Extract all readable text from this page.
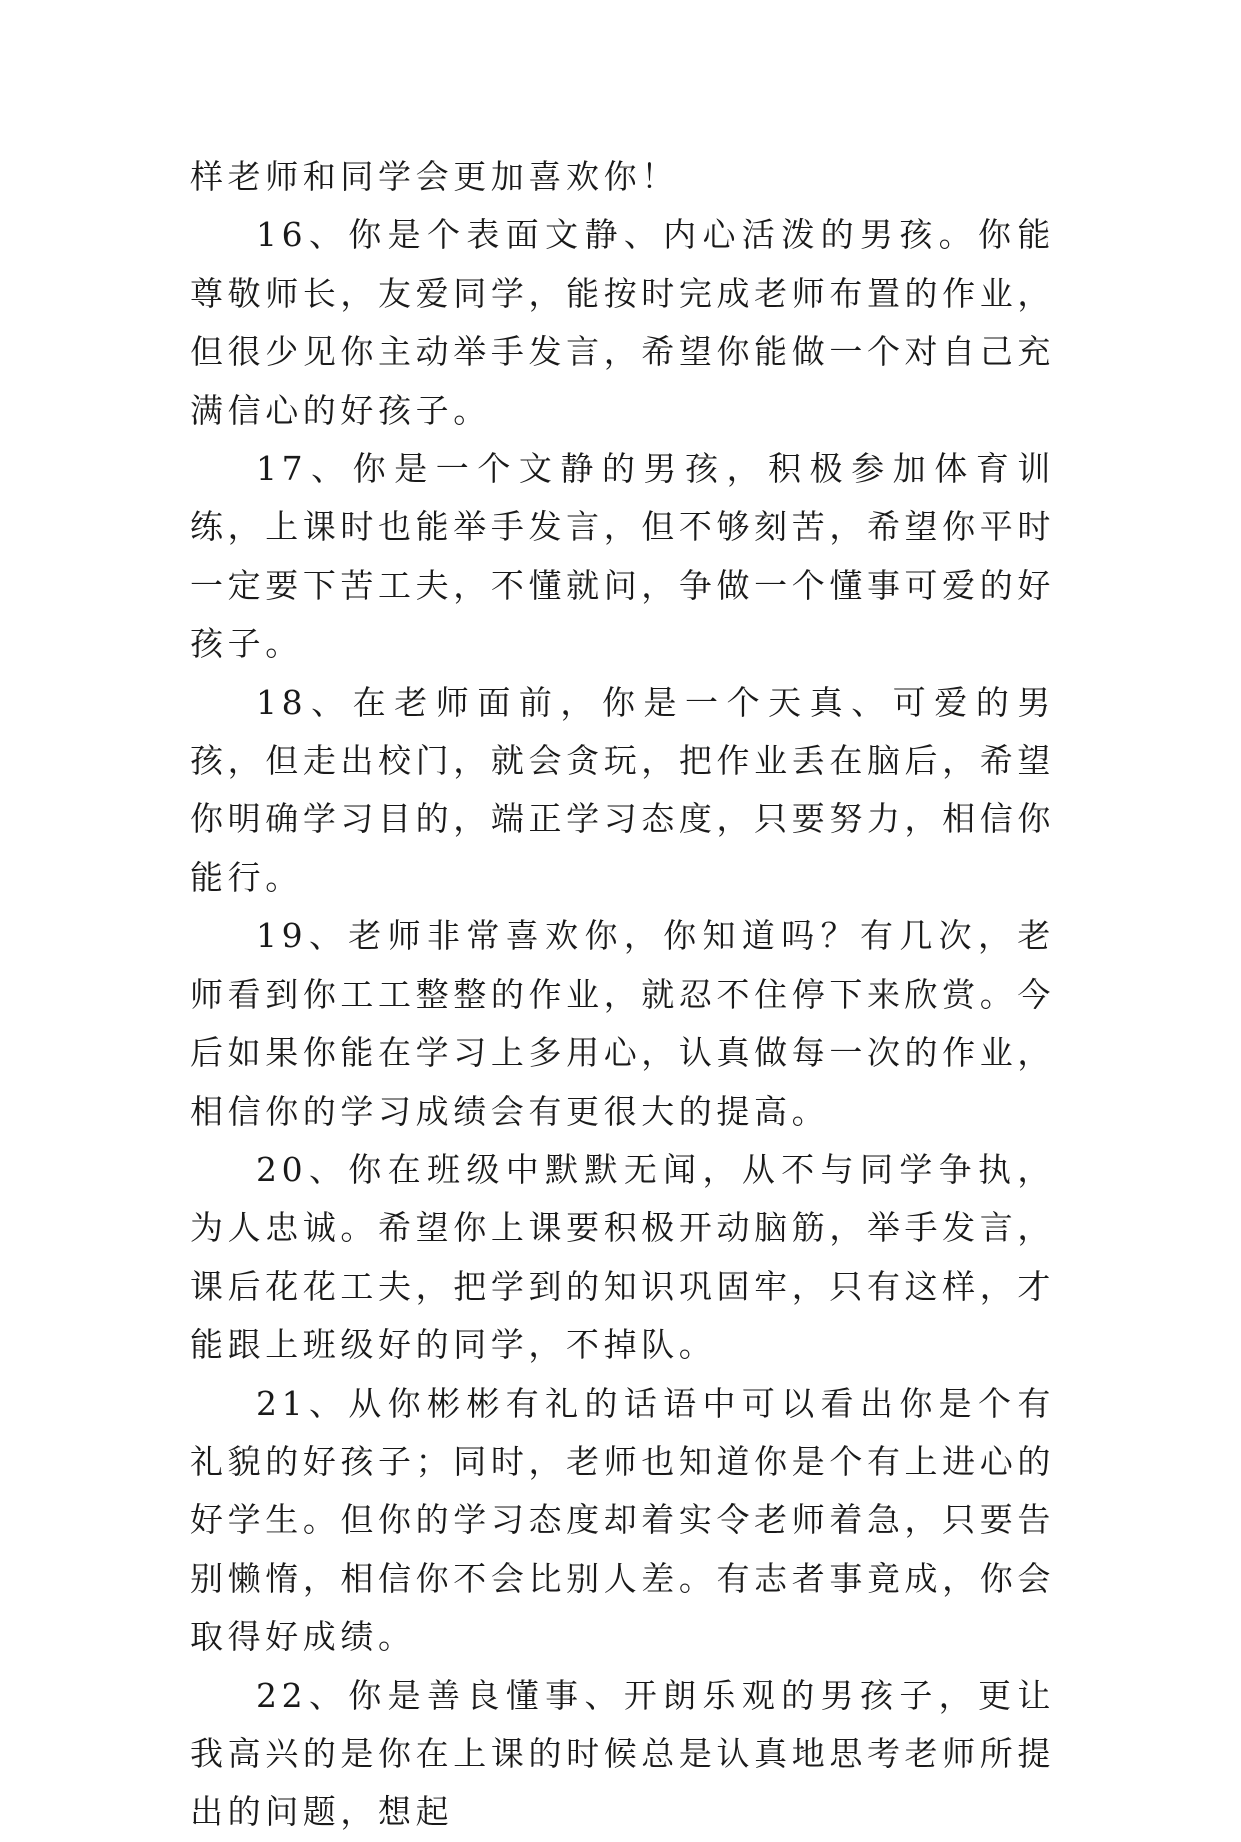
样老师和同学会更加喜欢你！

16、你是个表面文静、内心活泼的男孩。你能尊敬师长，友爱同学，能按时完成老师布置的作业，但很少见你主动举手发言，希望你能做一个对自己充满信心的好孩子。

17、你是一个文静的男孩，积极参加体育训练，上课时也能举手发言，但不够刻苦，希望你平时一定要下苦工夫，不懂就问，争做一个懂事可爱的好孩子。

18、在老师面前，你是一个天真、可爱的男孩，但走出校门，就会贪玩，把作业丢在脑后，希望你明确学习目的，端正学习态度，只要努力，相信你能行。

19、老师非常喜欢你，你知道吗？有几次，老师看到你工工整整的作业，就忍不住停下来欣赏。今后如果你能在学习上多用心，认真做每一次的作业，相信你的学习成绩会有更很大的提高。

20、你在班级中默默无闻，从不与同学争执，为人忠诚。希望你上课要积极开动脑筋，举手发言，课后花花工夫，把学到的知识巩固牢，只有这样，才能跟上班级好的同学，不掉队。

21、从你彬彬有礼的话语中可以看出你是个有礼貌的好孩子；同时，老师也知道你是个有上进心的好学生。但你的学习态度却着实令老师着急，只要告别懒惰，相信你不会比别人差。有志者事竟成，你会取得好成绩。

22、你是善良懂事、开朗乐观的男孩子，更让我高兴的是你在上课的时候总是认真地思考老师所提出的问题，想起
